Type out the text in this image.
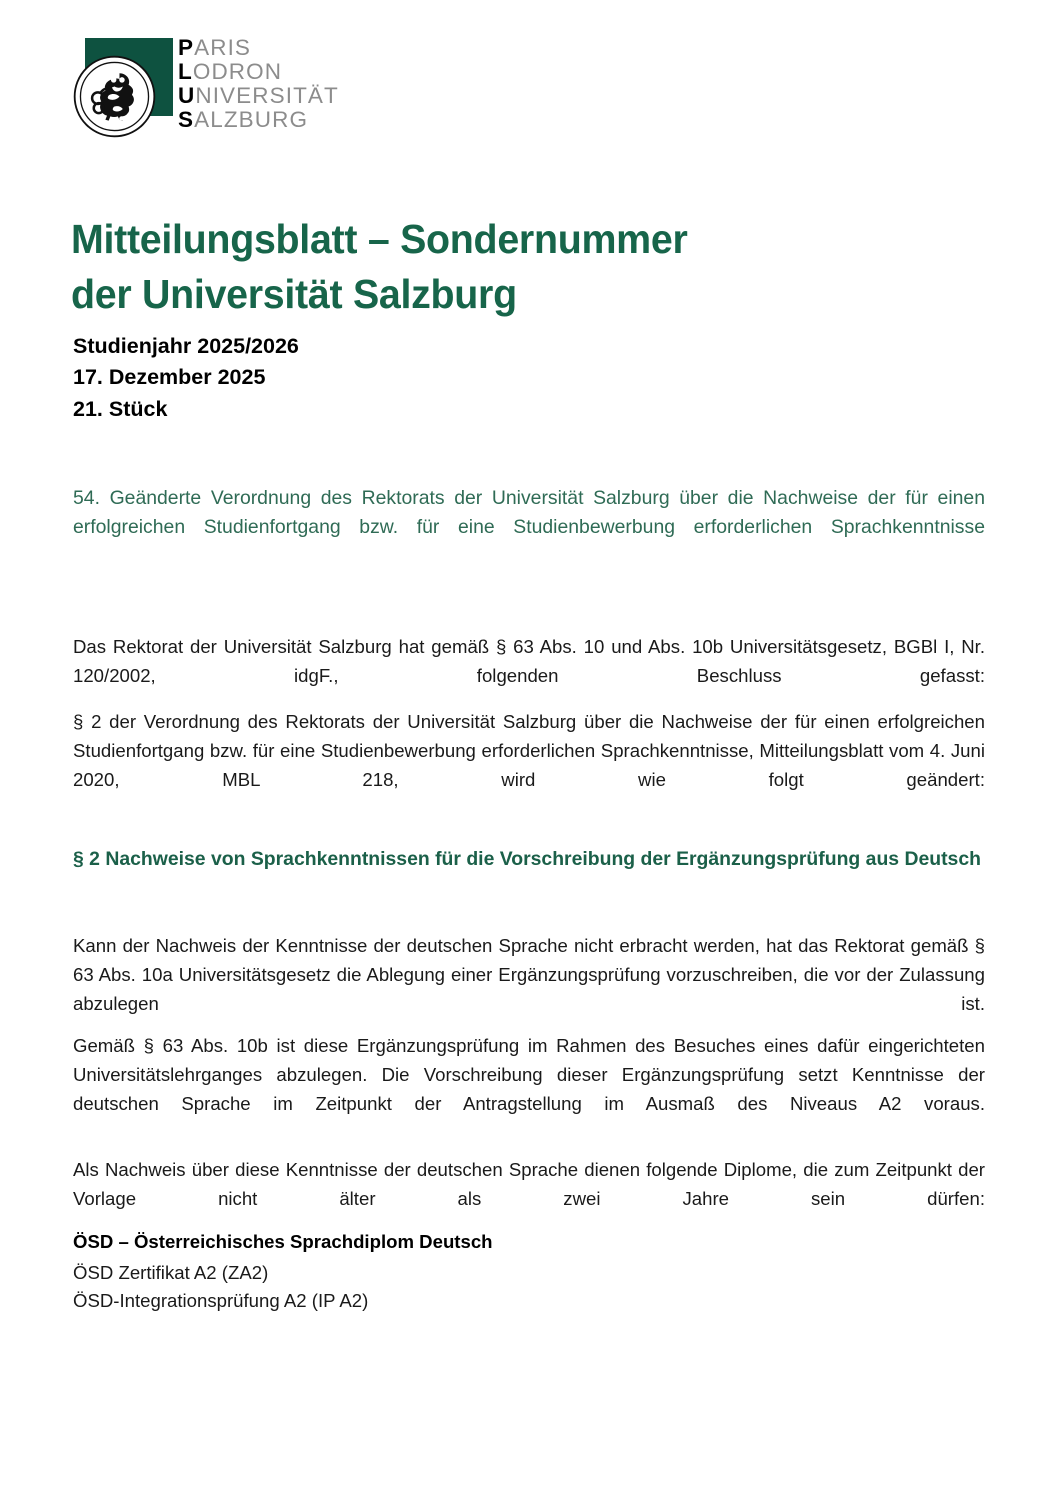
PARIS
LODRON
UNIVERSITÄT
SALZBURG
Mitteilungsblatt – Sondernummer
der Universität Salzburg
Studienjahr 2025/2026
17. Dezember 2025
21. Stück
54. Geänderte Verordnung des Rektorats der Universität Salzburg über die Nachweise der für einen erfolgreichen Studienfortgang bzw. für eine Studienbewerbung erforderlichen Sprachkenntnisse

Das Rektorat der Universität Salzburg hat gemäß § 63 Abs. 10 und Abs. 10b Universitätsgesetz, BGBl I, Nr. 120/2002, idgF., folgenden Beschluss gefasst:

§ 2 der Verordnung des Rektorats der Universität Salzburg über die Nachweise der für einen erfolgreichen Studienfortgang bzw. für eine Studienbewerbung erforderlichen Sprachkenntnisse, Mitteilungsblatt vom 4. Juni 2020, MBL 218, wird wie folgt geändert:

§ 2 Nachweise von Sprachkenntnissen für die Vorschreibung der Ergänzungsprüfung aus Deutsch

Kann der Nachweis der Kenntnisse der deutschen Sprache nicht erbracht werden, hat das Rektorat gemäß § 63 Abs. 10a Universitätsgesetz die Ablegung einer Ergänzungsprüfung vorzuschreiben, die vor der Zulassung abzulegen ist.

Gemäß § 63 Abs. 10b ist diese Ergänzungsprüfung im Rahmen des Besuches eines dafür eingerichteten Universitätslehrganges abzulegen. Die Vorschreibung dieser Ergänzungsprüfung setzt Kenntnisse der deutschen Sprache im Zeitpunkt der Antragstellung im Ausmaß des Niveaus A2 voraus.

Als Nachweis über diese Kenntnisse der deutschen Sprache dienen folgende Diplome, die zum Zeitpunkt der Vorlage nicht älter als zwei Jahre sein dürfen:

ÖSD – Österreichisches Sprachdiplom Deutsch
ÖSD Zertifikat A2 (ZA2)
ÖSD-Integrationsprüfung A2 (IP A2)
